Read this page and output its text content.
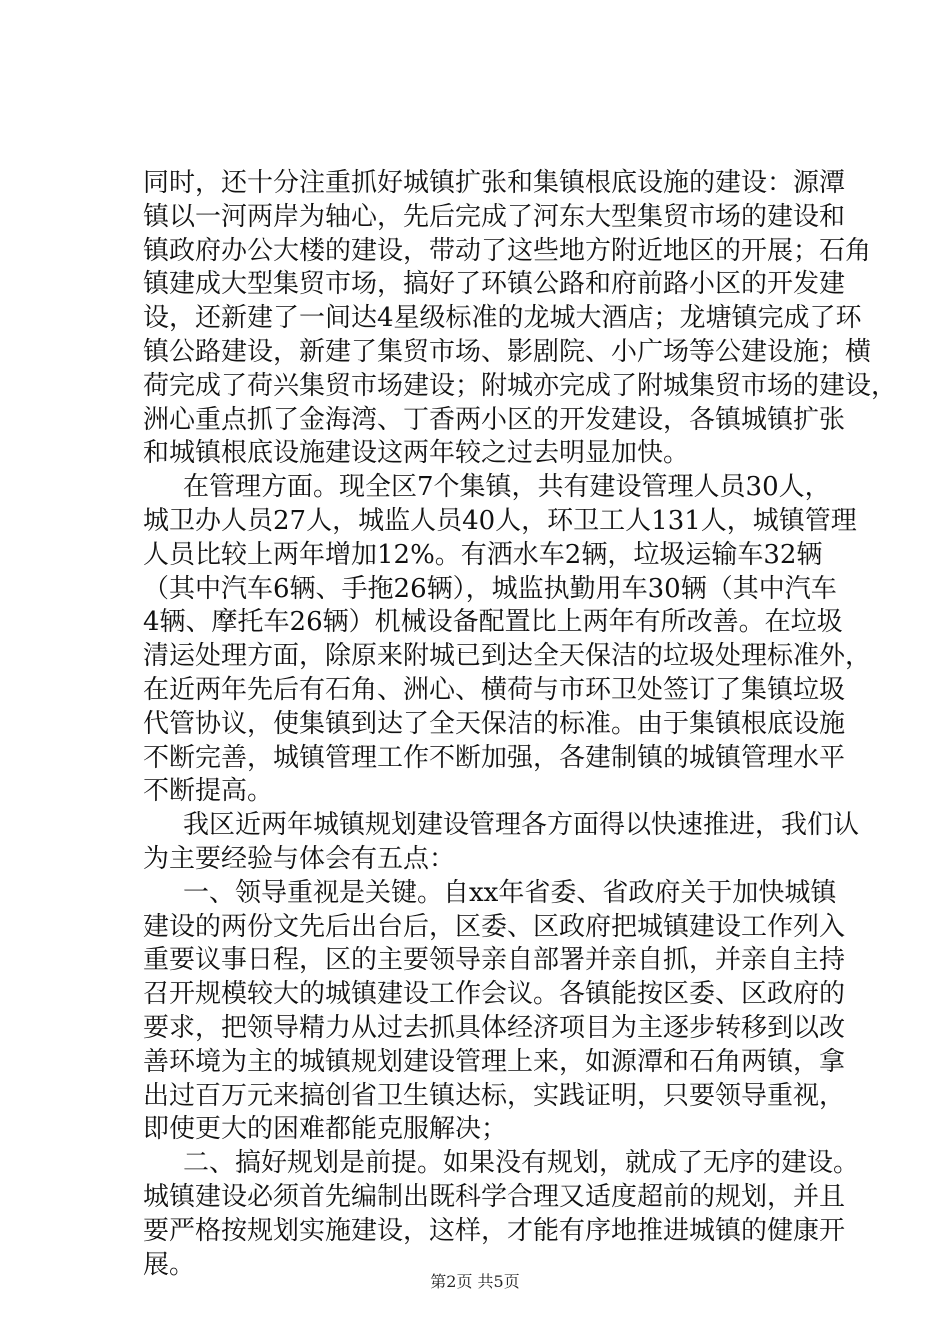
同时，还十分注重抓好城镇扩张和集镇根底设施的建设：源潭
镇以一河两岸为轴心，先后完成了河东大型集贸市场的建设和
镇政府办公大楼的建设，带动了这些地方附近地区的开展；石角
镇建成大型集贸市场，搞好了环镇公路和府前路小区的开发建
设，还新建了一间达4星级标准的龙城大酒店；龙塘镇完成了环
镇公路建设，新建了集贸市场、影剧院、小广场等公建设施；横
荷完成了荷兴集贸市场建设；附城亦完成了附城集贸市场的建设，
洲心重点抓了金海湾、丁香两小区的开发建设，各镇城镇扩张
和城镇根底设施建设这两年较之过去明显加快。
在管理方面。现全区7个集镇，共有建设管理人员30人，
城卫办人员27人，城监人员40人，环卫工人131人，城镇管理
人员比较上两年增加12%。有洒水车2辆，垃圾运输车32辆
（其中汽车6辆、手拖26辆），城监执勤用车30辆（其中汽车
4辆、摩托车26辆）机械设备配置比上两年有所改善。在垃圾
清运处理方面，除原来附城已到达全天保洁的垃圾处理标准外，
在近两年先后有石角、洲心、横荷与市环卫处签订了集镇垃圾
代管协议，使集镇到达了全天保洁的标准。由于集镇根底设施
不断完善，城镇管理工作不断加强，各建制镇的城镇管理水平
不断提高。
我区近两年城镇规划建设管理各方面得以快速推进，我们认
为主要经验与体会有五点：
一、领导重视是关键。自xx年省委、省政府关于加快城镇
建设的两份文先后出台后，区委、区政府把城镇建设工作列入
重要议事日程，区的主要领导亲自部署并亲自抓，并亲自主持
召开规模较大的城镇建设工作会议。各镇能按区委、区政府的
要求，把领导精力从过去抓具体经济项目为主逐步转移到以改
善环境为主的城镇规划建设管理上来，如源潭和石角两镇，拿
出过百万元来搞创省卫生镇达标，实践证明，只要领导重视，
即使更大的困难都能克服解决；
二、搞好规划是前提。如果没有规划，就成了无序的建设。
城镇建设必须首先编制出既科学合理又适度超前的规划，并且
要严格按规划实施建设，这样，才能有序地推进城镇的健康开
展。
第2页 共5页
